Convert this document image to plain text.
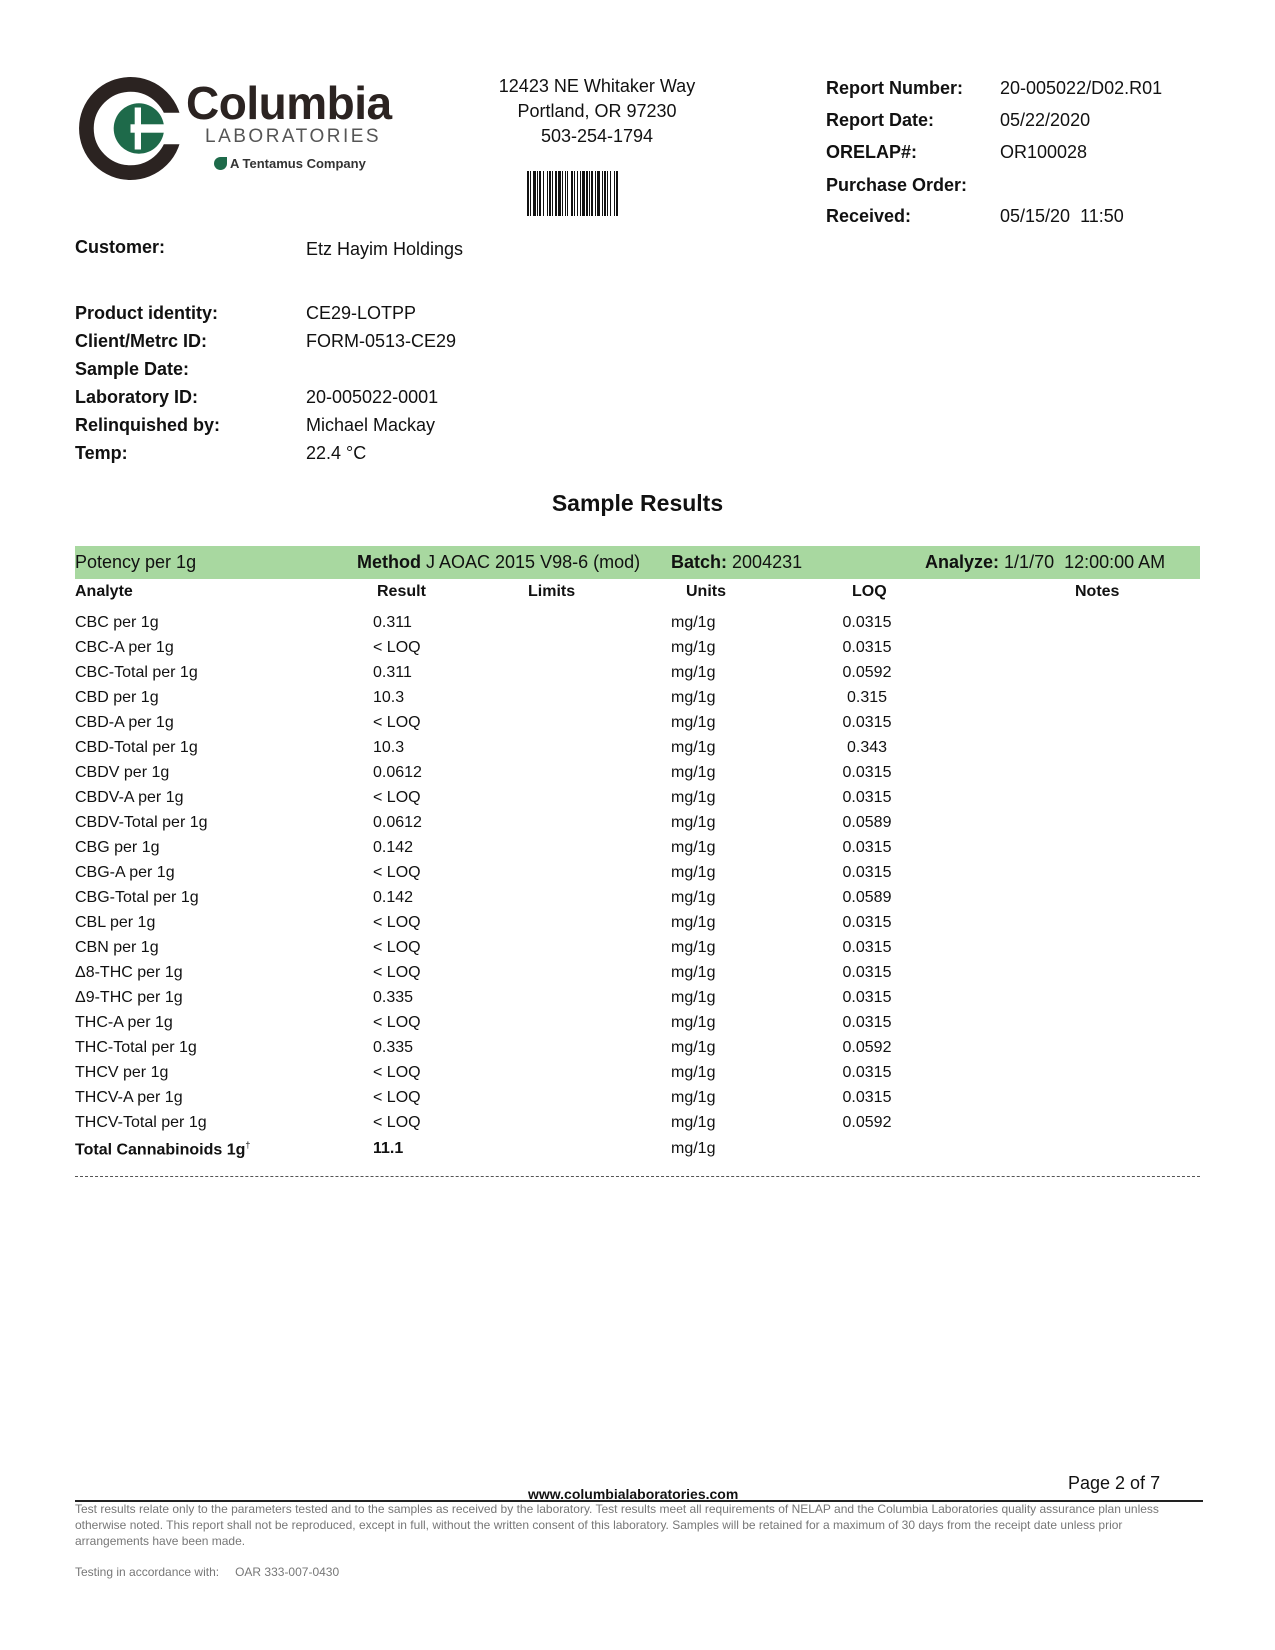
Columbia
LABORATORIES
A Tentamus Company
12423 NE Whitaker Way
Portland, OR 97230
503-254-1794
Report Number: 20-005022/D02.R01
Report Date:	05/22/2020
ORELAP#:	OR100028
Purchase Order:
Received:	05/15/20  11:50
Customer:	Etz Hayim Holdings
Product identity:	CE29-LOTPP
Client/Metrc ID:	FORM-0513-CE29
Sample Date:
Laboratory ID:	20-005022-0001
Relinquished by:	Michael Mackay
Temp:	22.4 °C
Sample Results
Potency per 1g	Method J AOAC 2015 V98-6 (mod) Batch: 2004231	Analyze: 1/1/70  12:00:00 AM
Analyte	Result	Limits	Units	LOQ	Notes
CBC per 1g	0.311	mg/1g	0.0315
CBC-A per 1g	< LOQ	mg/1g	0.0315
CBC-Total per 1g	0.311	mg/1g	0.0592
CBD per 1g	10.3	mg/1g	0.315
CBD-A per 1g	< LOQ	mg/1g	0.0315
CBD-Total per 1g	10.3	mg/1g	0.343
CBDV per 1g	0.0612	mg/1g	0.0315
CBDV-A per 1g	< LOQ	mg/1g	0.0315
CBDV-Total per 1g	0.0612	mg/1g	0.0589
CBG per 1g	0.142	mg/1g	0.0315
CBG-A per 1g	< LOQ	mg/1g	0.0315
CBG-Total per 1g	0.142	mg/1g	0.0589
CBL per 1g	< LOQ	mg/1g	0.0315
CBN per 1g	< LOQ	mg/1g	0.0315
Δ8-THC per 1g	< LOQ	mg/1g	0.0315
Δ9-THC per 1g	0.335	mg/1g	0.0315
THC-A per 1g	< LOQ	mg/1g	0.0315
THC-Total per 1g	0.335	mg/1g	0.0592
THCV per 1g	< LOQ	mg/1g	0.0315
THCV-A per 1g	< LOQ	mg/1g	0.0315
THCV-Total per 1g	< LOQ	mg/1g	0.0592
Total Cannabinoids 1g†	11.1	mg/1g
Page 2 of 7
www.columbialaboratories.com
Test results relate only to the parameters tested and to the samples as received by the laboratory. Test results meet all requirements of NELAP and the Columbia Laboratories quality assurance plan unless otherwise noted. This report shall not be reproduced, except in full, without the written consent of this laboratory. Samples will be retained for a maximum of 30 days from the receipt date unless prior arrangements have been made.
Testing in accordance with: OAR 333-007-0430
